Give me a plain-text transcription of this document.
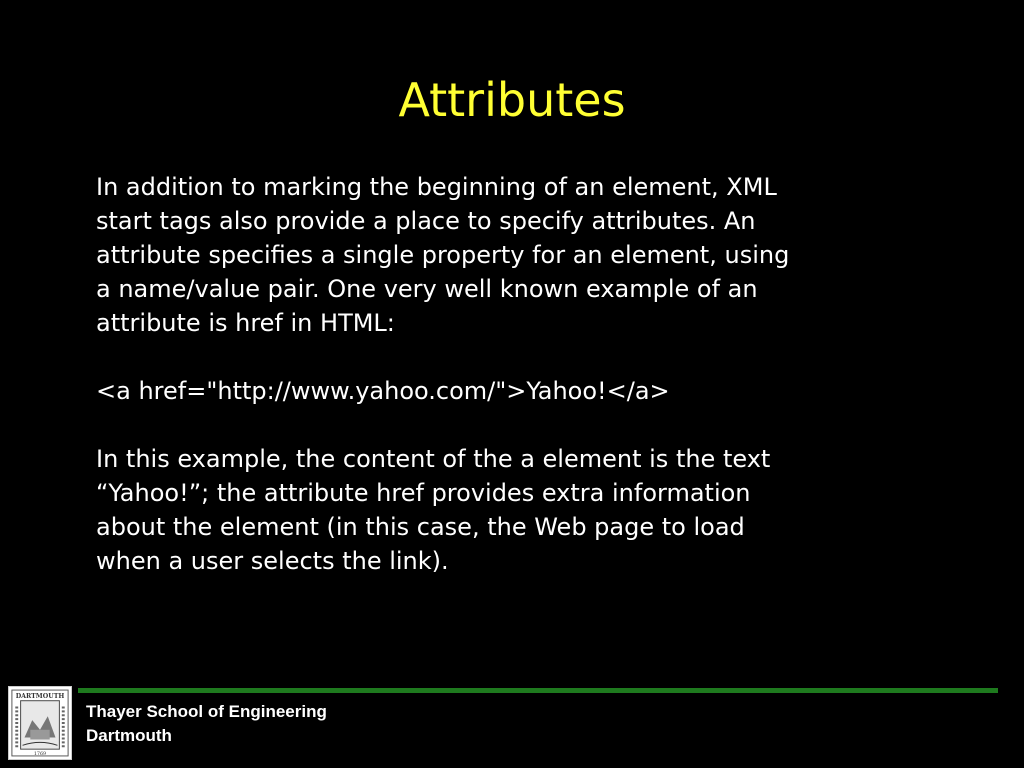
Attributes

In addition to marking the beginning of an element, XML
start tags also provide a place to specify attributes. An
attribute specifies a single property for an element, using
a name/value pair. One very well known example of an
attribute is href in HTML:

<a href="http://www.yahoo.com/">Yahoo!</a>

In this example, the content of the a element is the text
“Yahoo!”; the attribute href provides extra information
about the element (in this case, the Web page to load
when a user selects the link).

DARTMOUTH
1769
Thayer School of Engineering
Dartmouth
